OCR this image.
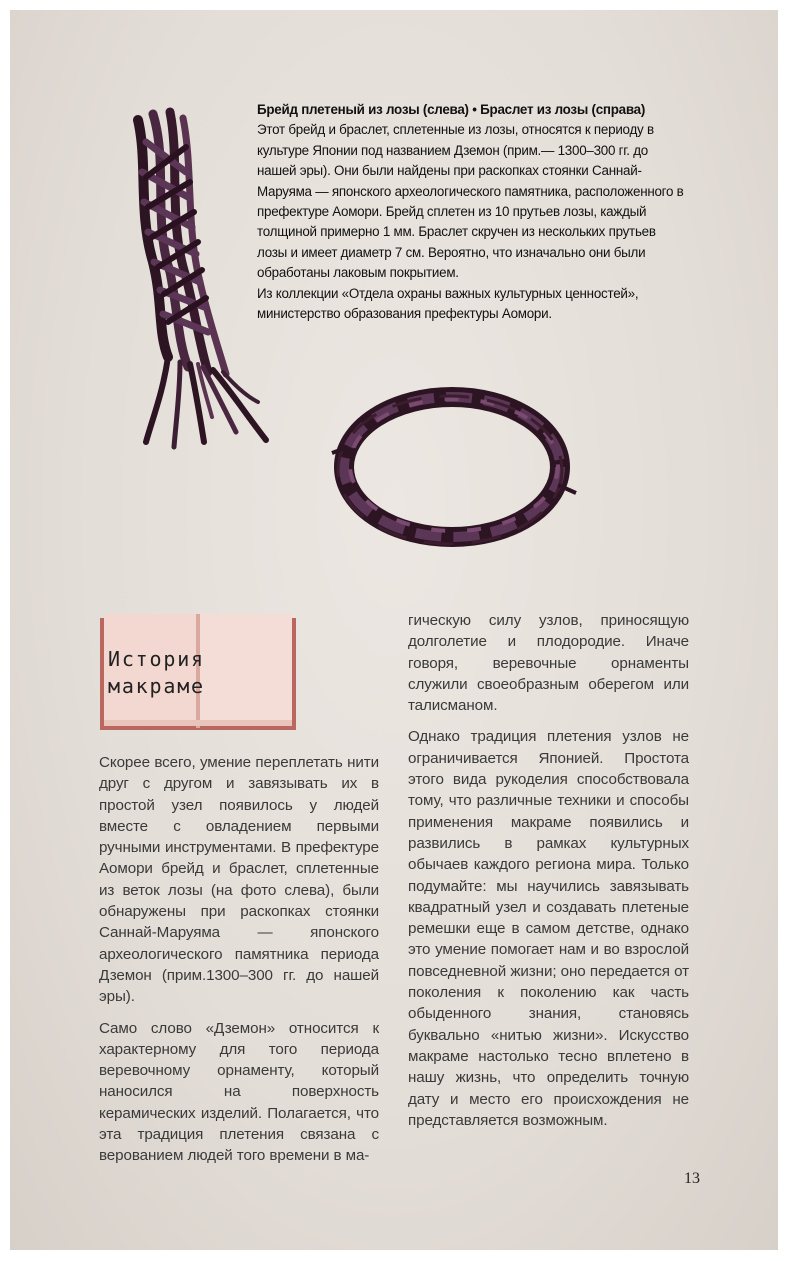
Брейд плетеный из лозы (слева) • Браслет из лозы (справа)

Этот брейд и браслет, сплетенные из лозы, относятся к периоду в культуре Японии под названием Дземон (прим.— 1300–300 гг. до нашей эры). Они были найдены при раскопках стоянки Саннай-Маруяма — японского археологического памятника, расположенного в префектуре Аомори. Брейд сплетен из 10 прутьев лозы, каждый толщиной примерно 1 мм. Браслет скручен из нескольких прутьев лозы и имеет диаметр 7 см. Вероятно, что изначально они были обработаны лаковым покрытием.

Из коллекции «Отдела охраны важных культурных ценностей», министерство образования префектуры Аомори.

История
макраме

Скорее всего, умение переплетать нити друг с другом и завязывать их в простой узел появилось у людей вместе с овладением первыми ручными инструментами. В префектуре Аомори брейд и браслет, сплетенные из веток лозы (на фото слева), были обнаружены при раскопках стоянки Саннай-Маруяма — японского археологического памятника периода Дземон (прим.1300–300 гг. до нашей эры).

Само слово «Дземон» относится к характерному для того периода веревочному орнаменту, который наносился на поверхность керамических изделий. Полагается, что эта традиция плетения связана с верованием людей того времени в ма-

гическую силу узлов, приносящую долголетие и плодородие. Иначе говоря, веревочные орнаменты служили своеобразным оберегом или талисманом.

Однако традиция плетения узлов не ограничивается Японией. Простота этого вида рукоделия способствовала тому, что различные техники и способы применения макраме появились и развились в рамках культурных обычаев каждого региона мира. Только подумайте: мы научились завязывать квадратный узел и создавать плетеные ремешки еще в самом детстве, однако это умение помогает нам и во взрослой повседневной жизни; оно передается от поколения к поколению как часть обыденного знания, становясь буквально «нитью жизни». Искусство макраме настолько тесно вплетено в нашу жизнь, что определить точную дату и место его происхождения не представляется возможным.

13
